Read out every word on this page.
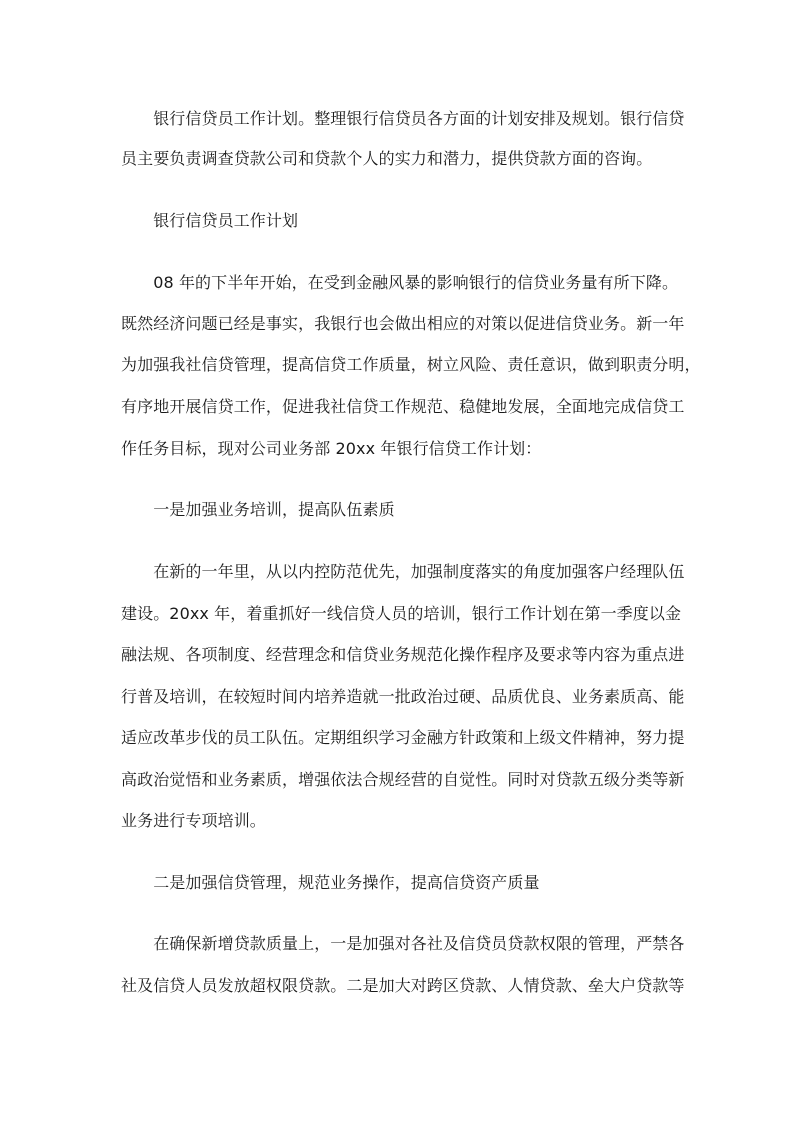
　　银行信贷员工作计划。整理银行信贷员各方面的计划安排及规划。银行信贷
员主要负责调查贷款公司和贷款个人的实力和潜力，提供贷款方面的咨询。
　　银行信贷员工作计划
　　08 年的下半年开始，在受到金融风暴的影响银行的信贷业务量有所下降。
既然经济问题已经是事实，我银行也会做出相应的对策以促进信贷业务。新一年
为加强我社信贷管理，提高信贷工作质量，树立风险、责任意识，做到职责分明，
有序地开展信贷工作，促进我社信贷工作规范、稳健地发展，全面地完成信贷工
作任务目标，现对公司业务部 20xx 年银行信贷工作计划：
　　一是加强业务培训，提高队伍素质
　　在新的一年里，从以内控防范优先，加强制度落实的角度加强客户经理队伍
建设。20xx 年，着重抓好一线信贷人员的培训，银行工作计划在第一季度以金
融法规、各项制度、经营理念和信贷业务规范化操作程序及要求等内容为重点进
行普及培训，在较短时间内培养造就一批政治过硬、品质优良、业务素质高、能
适应改革步伐的员工队伍。定期组织学习金融方针政策和上级文件精神，努力提
高政治觉悟和业务素质，增强依法合规经营的自觉性。同时对贷款五级分类等新
业务进行专项培训。
　　二是加强信贷管理，规范业务操作，提高信贷资产质量
　　在确保新增贷款质量上，一是加强对各社及信贷员贷款权限的管理，严禁各
社及信贷人员发放超权限贷款。二是加大对跨区贷款、人情贷款、垒大户贷款等
